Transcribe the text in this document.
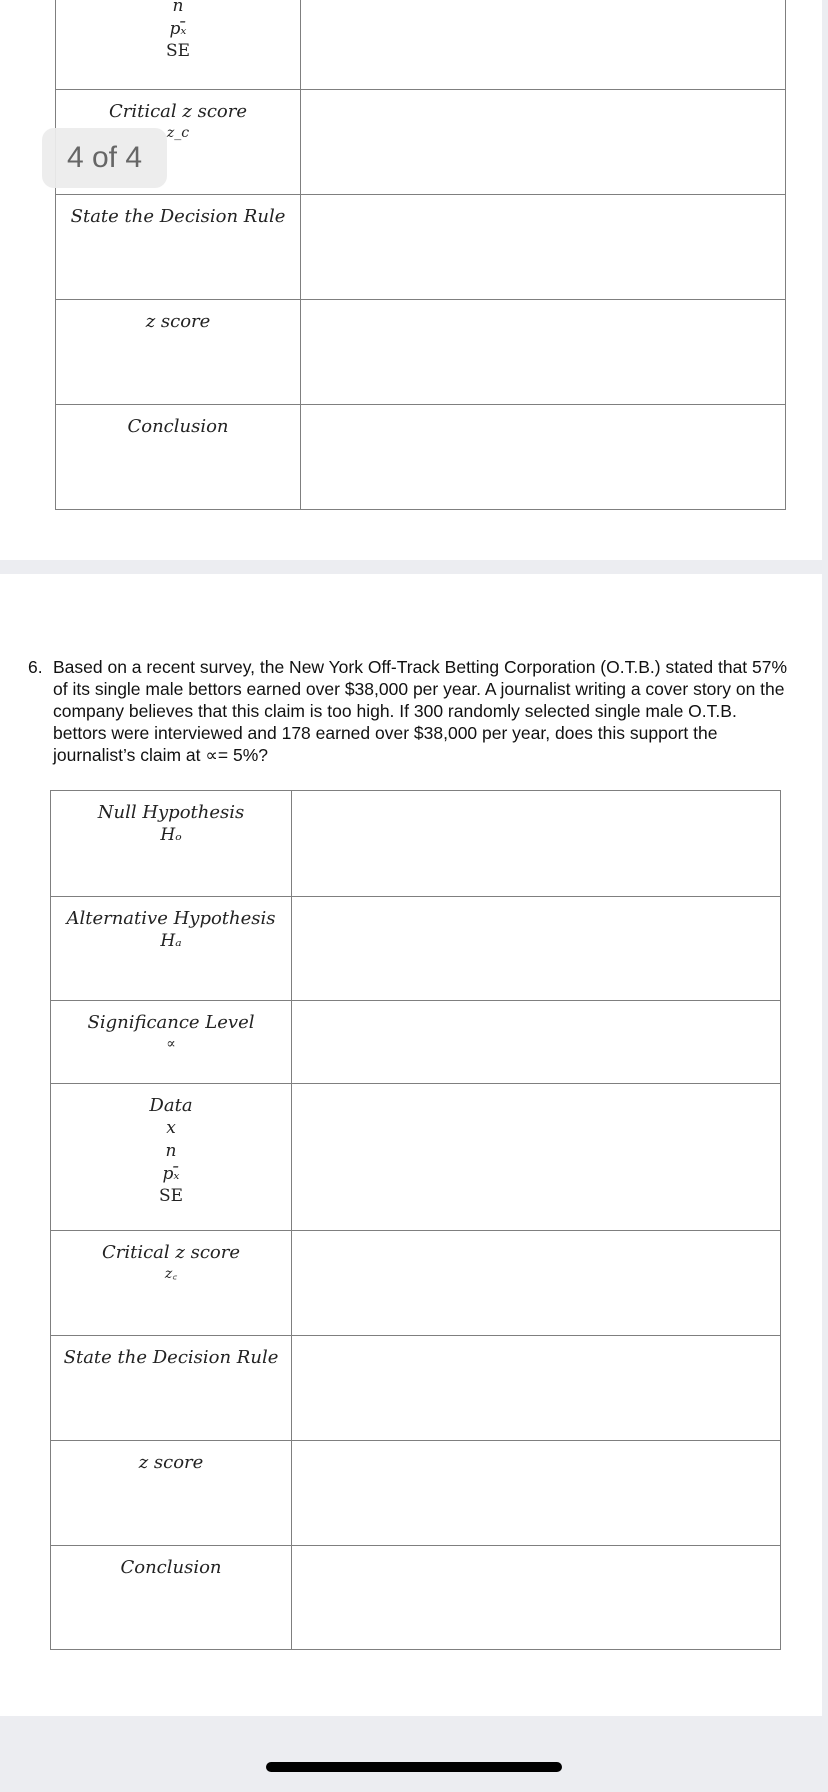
n
pₓ̄
SE	

Critical z score
z_c	

State the Decision Rule	

z score	

Conclusion	
4 of 4
6. Based on a recent survey, the New York Off-Track Betting Corporation (O.T.B.) stated that 57% of its single male bettors earned over $38,000 per year. A journalist writing a cover story on the company believes that this claim is too high. If 300 randomly selected single male O.T.B. bettors were interviewed and 178 earned over $38,000 per year, does this support the journalist’s claim at ∝= 5%?
Null Hypothesis
Hₒ	

Alternative Hypothesis
Hₐ	

Significance Level
∝	

Data
x
n
pₓ̄
SE	

Critical z score
z꜀	

State the Decision Rule	

z score	

Conclusion	
